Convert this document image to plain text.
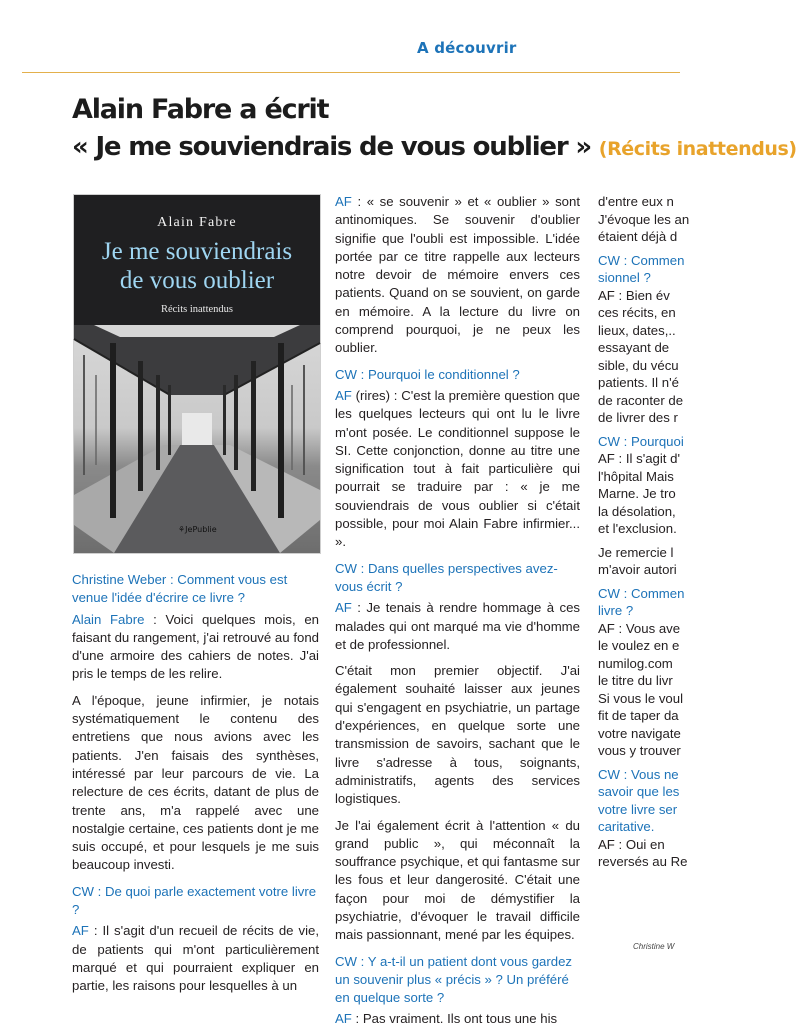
A découvrir
Alain Fabre a écrit
« Je me souviendrais de vous oublier » (Récits inattendus)
Alain Fabre
Je me souviendrais
de vous oublier
Récits inattendus
⚘JePublie

Christine Weber : Comment vous est venue l'idée d'écrire ce livre ?

Alain Fabre : Voici quelques mois, en faisant du rangement, j'ai retrouvé au fond d'une armoire des cahiers de notes. J'ai pris le temps de les relire.

A l'époque, jeune infirmier, je notais systématiquement le contenu des entretiens que nous avions avec les patients. J'en faisais des synthèses, intéressé par leur parcours de vie. La relecture de ces écrits, datant de plus de trente ans, m'a rappelé avec une nostalgie certaine, ces patients dont je me suis occupé, et pour lesquels je me suis beaucoup investi.

CW : De quoi parle exactement votre livre ?

AF : Il s'agit d'un recueil de récits de vie, de patients qui m'ont particulièrement marqué et qui pourraient expliquer en partie, les raisons pour lesquelles à un

AF : « se souvenir » et « oublier » sont antinomiques. Se souvenir d'oublier signifie que l'oubli est impossible. L'idée portée par ce titre rappelle aux lecteurs notre devoir de mémoire envers ces patients. Quand on se souvient, on garde en mémoire. A la lecture du livre on comprend pourquoi, je ne peux les oublier.

CW : Pourquoi le conditionnel ?

AF (rires) : C'est la première question que les quelques lecteurs qui ont lu le livre m'ont posée. Le conditionnel suppose le SI. Cette conjonction, donne au titre une signification tout à fait particulière qui pourrait se traduire par : « je me souviendrais de vous oublier si c'était possible, pour moi Alain Fabre infirmier... ».

CW : Dans quelles perspectives avez-vous écrit ?

AF : Je tenais à rendre hommage à ces malades qui ont marqué ma vie d'homme et de professionnel.

C'était mon premier objectif. J'ai également souhaité laisser aux jeunes qui s'engagent en psychiatrie, un partage d'expériences, en quelque sorte une transmission de savoirs, sachant que le livre s'adresse à tous, soignants, administratifs, agents des services logistiques.

Je l'ai également écrit à l'attention « du grand public », qui méconnaît la souffrance psychique, et qui fantasme sur les fous et leur dangerosité. C'était une façon pour moi de démystifier la psychiatrie, d'évoquer le travail difficile mais passionnant, mené par les équipes.

CW : Y a-t-il un patient dont vous gardez un souvenir plus « précis » ? Un préféré en quelque sorte ?

AF : Pas vraiment. Ils ont tous une his

d'entre eux n
J'évoque les an
étaient déjà d
CW : Commen
sionnel ?
AF : Bien év
ces récits, en
lieux, dates,..
essayant de
sible, du vécu
patients. Il n'é
de raconter de
de livrer des r
CW : Pourquoi
AF : Il s'agit d'
l'hôpital Mais
Marne. Je tro
la désolation,
et l'exclusion.
Je remercie l
m'avoir autori
CW : Commen
livre ?
AF : Vous ave
le voulez en e
numilog.com
le titre du livr
Si vous le voul
fit de taper da
votre navigate
vous y trouver
CW : Vous ne
savoir que les
votre livre ser
caritative.
AF : Oui en
reversés au Re
Christine W
